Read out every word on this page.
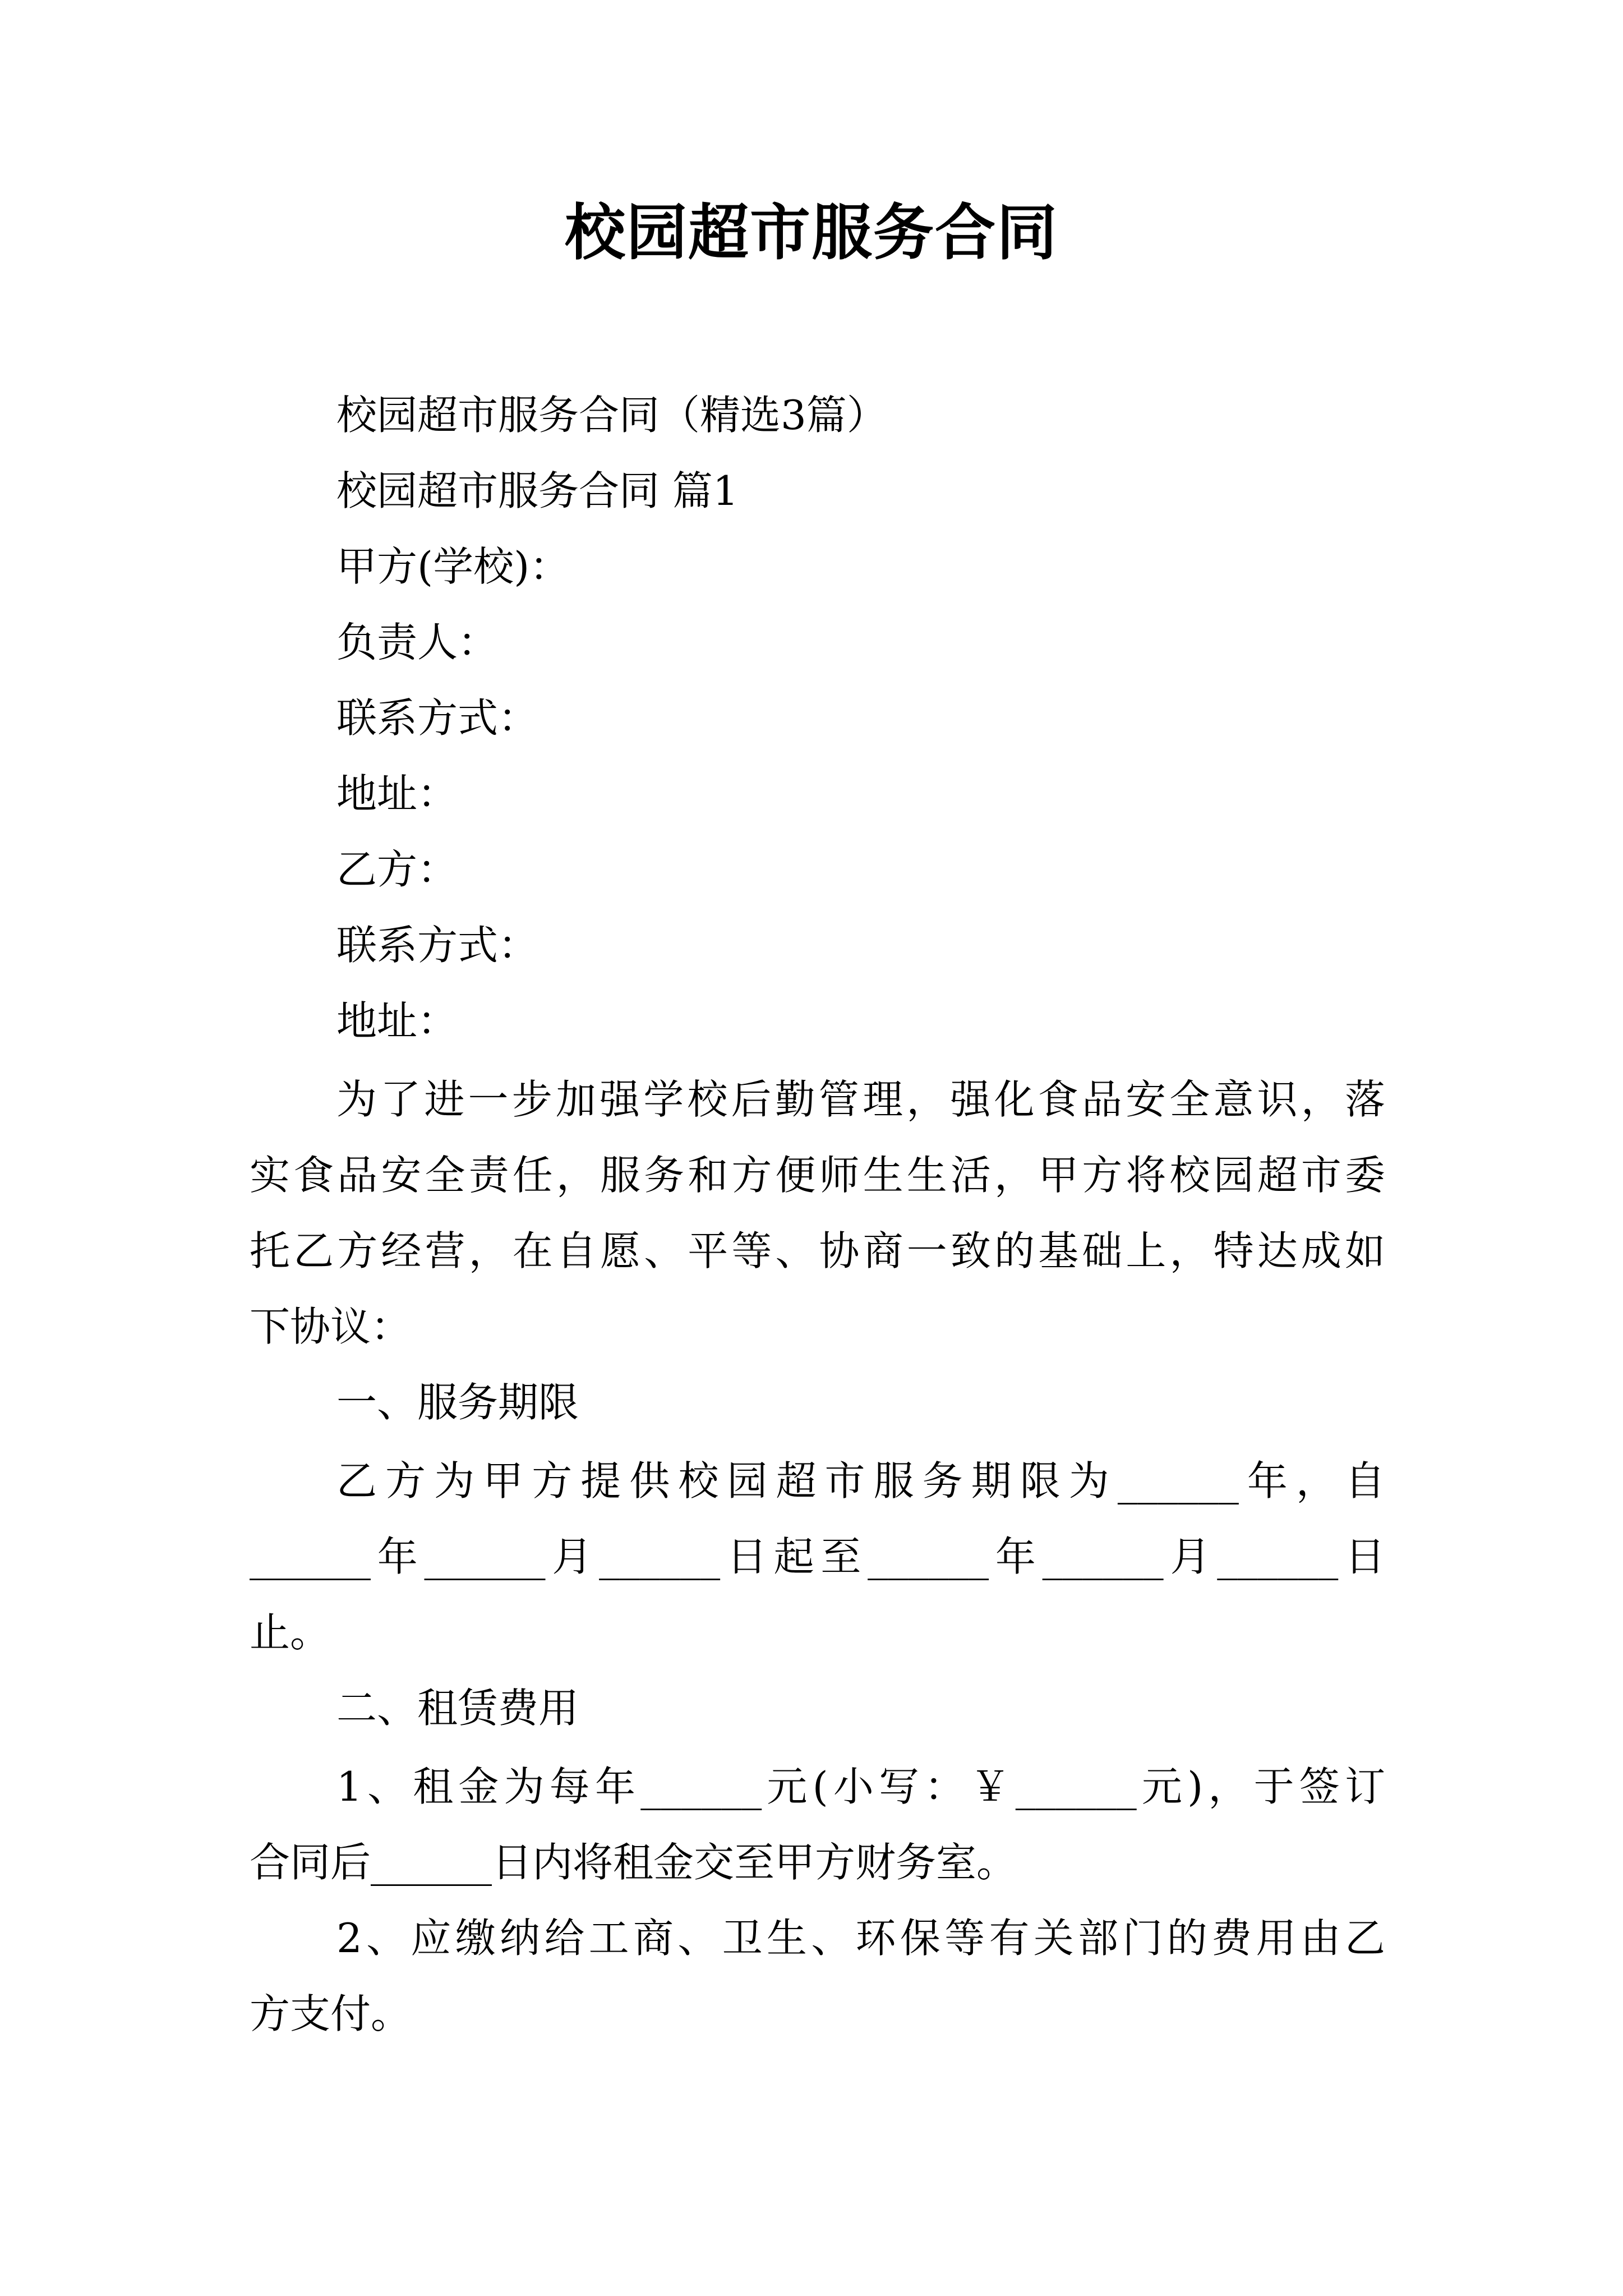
校园超市服务合同
校园超市服务合同（精选3篇）
校园超市服务合同 篇1
甲方(学校)：
负责人：
联系方式：
地址：
乙方：
联系方式：
地址：
为了进一步加强学校后勤管理，强化食品安全意识，落
实食品安全责任，服务和方便师生生活，甲方将校园超市委
托乙方经营，在自愿、平等、协商一致的基础上，特达成如
下协议：
一、服务期限
乙方为甲方提供校园超市服务期限为______年，自
______年______月______日起至______年______月______日
止。
二、租赁费用
1、租金为每年______元(小写：￥______元)，于签订
合同后______日内将租金交至甲方财务室。
2、应缴纳给工商、卫生、环保等有关部门的费用由乙
方支付。
